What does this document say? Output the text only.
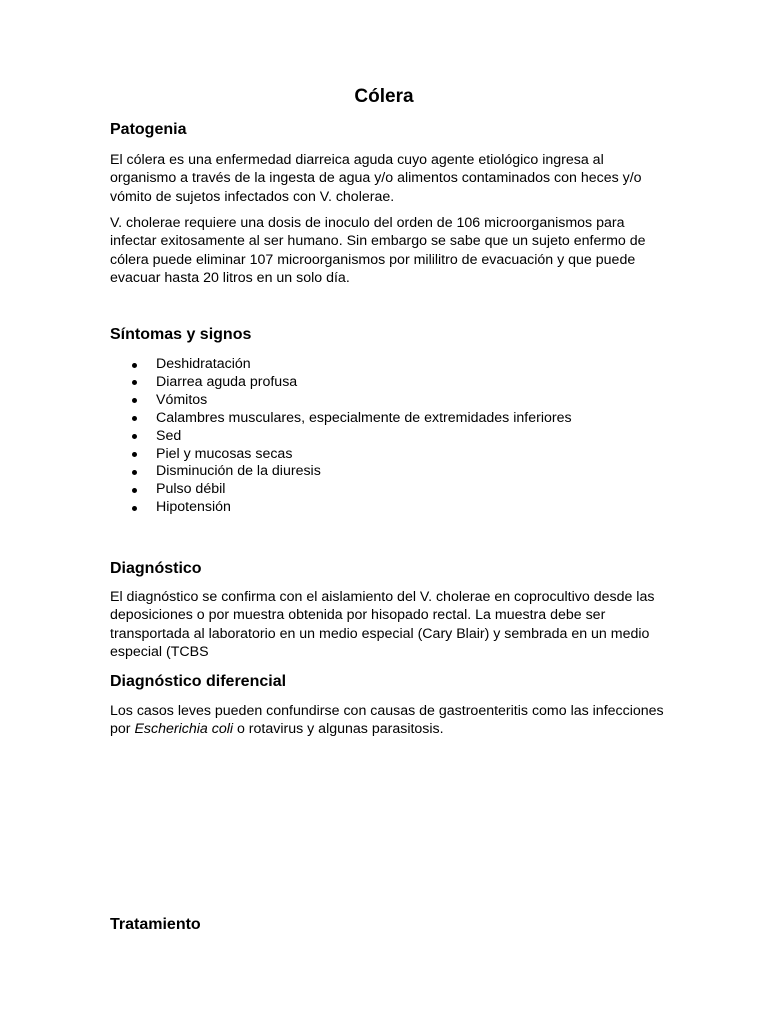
Cólera
Patogenia

El cólera es una enfermedad diarreica aguda cuyo agente etiológico ingresa al organismo a través de la ingesta de agua y/o alimentos contaminados con heces y/o vómito de sujetos infectados con V. cholerae.

V. cholerae requiere una dosis de inoculo del orden de 106 microorganismos para infectar exitosamente al ser humano. Sin embargo se sabe que un sujeto enfermo de cólera puede eliminar 107 microorganismos por mililitro de evacuación y que puede evacuar hasta 20 litros en un solo día.

Síntomas y signos
Deshidratación
Diarrea aguda profusa
Vómitos
Calambres musculares, especialmente de extremidades inferiores
Sed
Piel y mucosas secas
Disminución de la diuresis
Pulso débil
Hipotensión
Diagnóstico

El diagnóstico se confirma con el aislamiento del V. cholerae en coprocultivo desde las deposiciones o por muestra obtenida por hisopado rectal. La muestra debe ser transportada al laboratorio en un medio especial (Cary Blair) y sembrada en un medio especial (TCBS

Diagnóstico diferencial

Los casos leves pueden confundirse con causas de gastroenteritis como las infecciones por Escherichia coli o rotavirus y algunas parasitosis.

Tratamiento
